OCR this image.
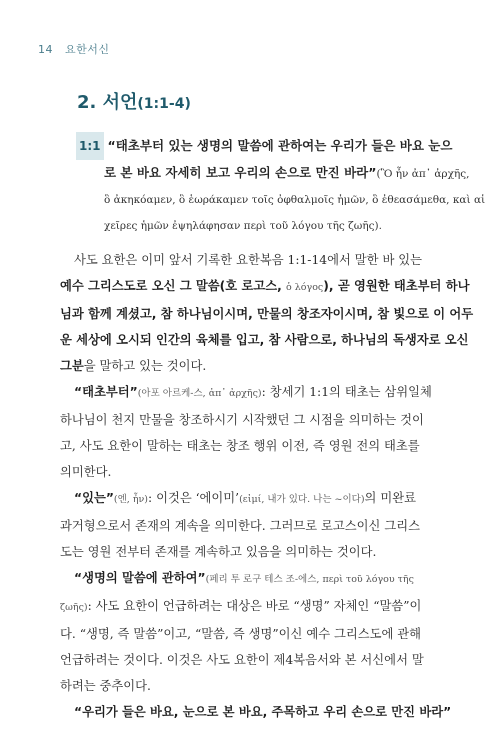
14 요한서신
2. 서언(1:1-4)
1:1 “태초부터 있는 생명의 말씀에 관하여는 우리가 들은 바요 눈으
로 본 바요 자세히 보고 우리의 손으로 만진 바라”(Ὃ ἦν ἀπ᾽ ἀρχῆς,
ὃ ἀκηκόαμεν, ὃ ἑωράκαμεν τοῖς ὀφθαλμοῖς ἡμῶν, ὃ ἐθεασάμεθα, καὶ αἱ
χεῖρες ἡμῶν ἐψηλάφησαν περὶ τοῦ λόγου τῆς ζωῆς).
사도 요한은 이미 앞서 기록한 요한복음 1:1-14에서 말한 바 있는
예수 그리스도로 오신 그 말씀(호 로고스, ὁ λόγος), 곧 영원한 태초부터 하나
님과 함께 계셨고, 참 하나님이시며, 만물의 창조자이시며, 참 빛으로 이 어두
운 세상에 오시되 인간의 육체를 입고, 참 사람으로, 하나님의 독생자로 오신
그분을 말하고 있는 것이다.
“태초부터”(아포 아르케-스, ἀπ᾽ ἀρχῆς): 창세기 1:1의 태초는 삼위일체
하나님이 천지 만물을 창조하시기 시작했던 그 시점을 의미하는 것이
고, 사도 요한이 말하는 태초는 창조 행위 이전, 즉 영원 전의 태초를
의미한다.
“있는”(엔, ἦν): 이것은 ‘에이미’(εἰμί, 내가 있다. 나는 ~이다)의 미완료
과거형으로서 존재의 계속을 의미한다. 그러므로 로고스이신 그리스
도는 영원 전부터 존재를 계속하고 있음을 의미하는 것이다.
“생명의 말씀에 관하여”(페리 투 로구 테스 조-에스, περὶ τοῦ λόγου τῆς
ζωῆς): 사도 요한이 언급하려는 대상은 바로 “생명” 자체인 “말씀”이
다. “생명, 즉 말씀”이고, “말씀, 즉 생명”이신 예수 그리스도에 관해
언급하려는 것이다. 이것은 사도 요한이 제4복음서와 본 서신에서 말
하려는 중추이다.
“우리가 들은 바요, 눈으로 본 바요, 주목하고 우리 손으로 만진 바라”
